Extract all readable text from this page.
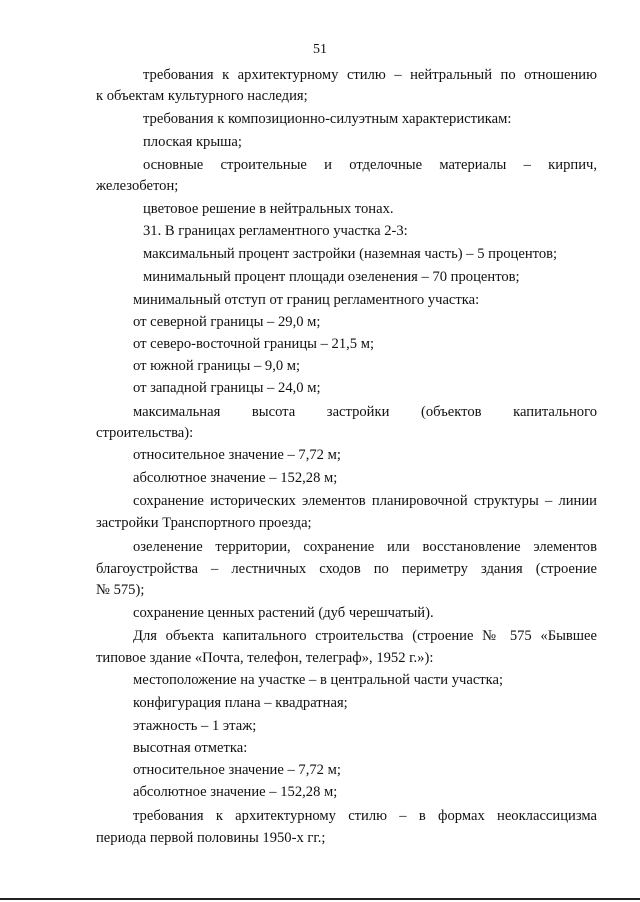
51
требования к архитектурному стилю – нейтральный по отношению
к объектам культурного наследия;
требования к композиционно-силуэтным характеристикам:
плоская крыша;
основные строительные и отделочные материалы – кирпич,
железобетон;
цветовое решение в нейтральных тонах.
31. В границах регламентного участка 2-3:
максимальный процент застройки (наземная часть) – 5 процентов;
минимальный процент площади озеленения – 70 процентов;
минимальный отступ от границ регламентного участка:
от северной границы – 29,0 м;
от северо-восточной границы – 21,5 м;
от южной границы – 9,0 м;
от западной границы – 24,0 м;
максимальная высота застройки (объектов капитального
строительства):
относительное значение – 7,72 м;
абсолютное значение – 152,28 м;
сохранение исторических элементов планировочной структуры – линии
застройки Транспортного проезда;
озеленение территории, сохранение или восстановление элементов
благоустройства – лестничных сходов по периметру здания (строение
№ 575);
сохранение ценных растений (дуб черешчатый).
Для объекта капитального строительства (строение № 575 «Бывшее
типовое здание «Почта, телефон, телеграф», 1952 г.»):
местоположение на участке – в центральной части участка;
конфигурация плана – квадратная;
этажность – 1 этаж;
высотная отметка:
относительное значение – 7,72 м;
абсолютное значение – 152,28 м;
требования к архитектурному стилю – в формах неоклассицизма
периода первой половины 1950-х гг.;
